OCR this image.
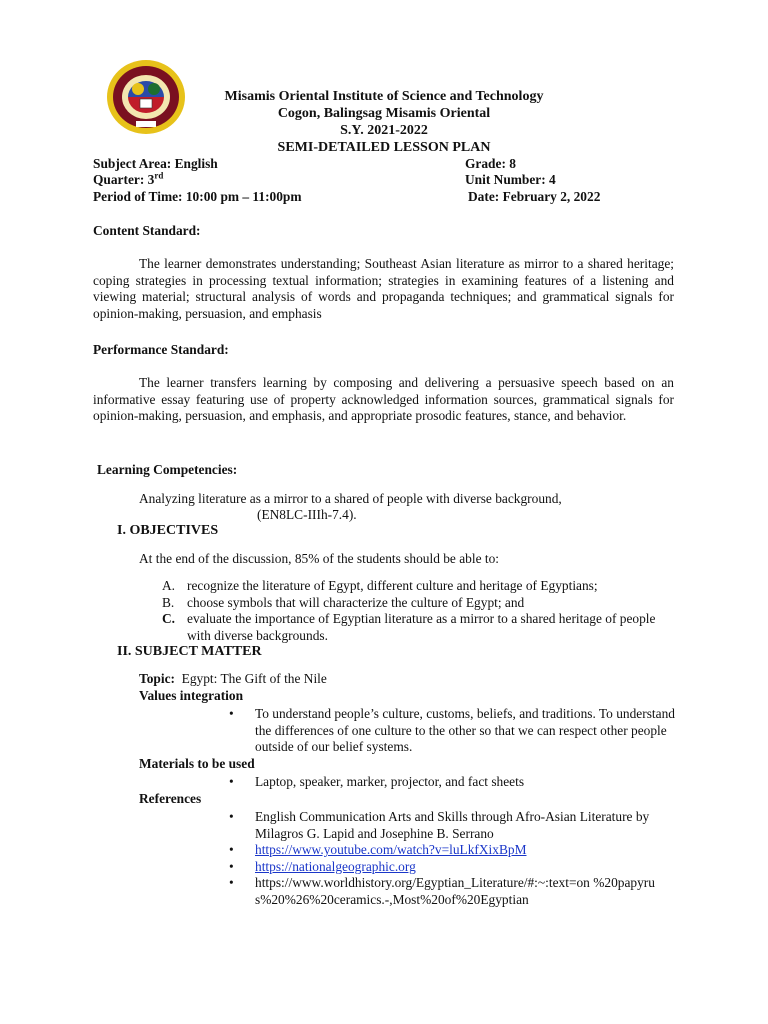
Misamis Oriental Institute of Science and Technology
Cogon, Balingsag Misamis Oriental
S.Y. 2021-2022
SEMI-DETAILED LESSON PLAN
Subject Area: English	Grade: 8
Quarter: 3rd	Unit Number: 4
Period of Time: 10:00 pm – 11:00pm	Date: February 2, 2022
Content Standard:
The learner demonstrates understanding; Southeast Asian literature as mirror to a shared heritage; coping strategies in processing textual information; strategies in examining features of a listening and viewing material; structural analysis of words and propaganda techniques; and grammatical signals for opinion-making, persuasion, and emphasis
Performance Standard:
The learner transfers learning by composing and delivering a persuasive speech based on an informative essay featuring use of property acknowledged information sources, grammatical signals for opinion-making, persuasion, and emphasis, and appropriate prosodic features, stance, and behavior.
Learning Competencies:
Analyzing literature as a mirror to a shared of people with diverse background,
(EN8LC-IIIh-7.4).
I. OBJECTIVES
At the end of the discussion, 85% of the students should be able to:
A. recognize the literature of Egypt, different culture and heritage of Egyptians;
B. choose symbols that will characterize the culture of Egypt; and
C. evaluate the importance of Egyptian literature as a mirror to a shared heritage of people with diverse backgrounds.
II. SUBJECT MATTER
Topic: Egypt: The Gift of the Nile
Values integration
• To understand people’s culture, customs, beliefs, and traditions. To understand the differences of one culture to the other so that we can respect other people outside of our belief systems.
Materials to be used
• Laptop, speaker, marker, projector, and fact sheets
References
• English Communication Arts and Skills through Afro-Asian Literature by Milagros G. Lapid and Josephine B. Serrano
• https://www.youtube.com/watch?v=luLkfXixBpM
• https://nationalgeographic.org
• https://www.worldhistory.org/Egyptian_Literature/#:~:text=on %20papyrus%20%26%20ceramics.-,Most%20of%20Egyptian
